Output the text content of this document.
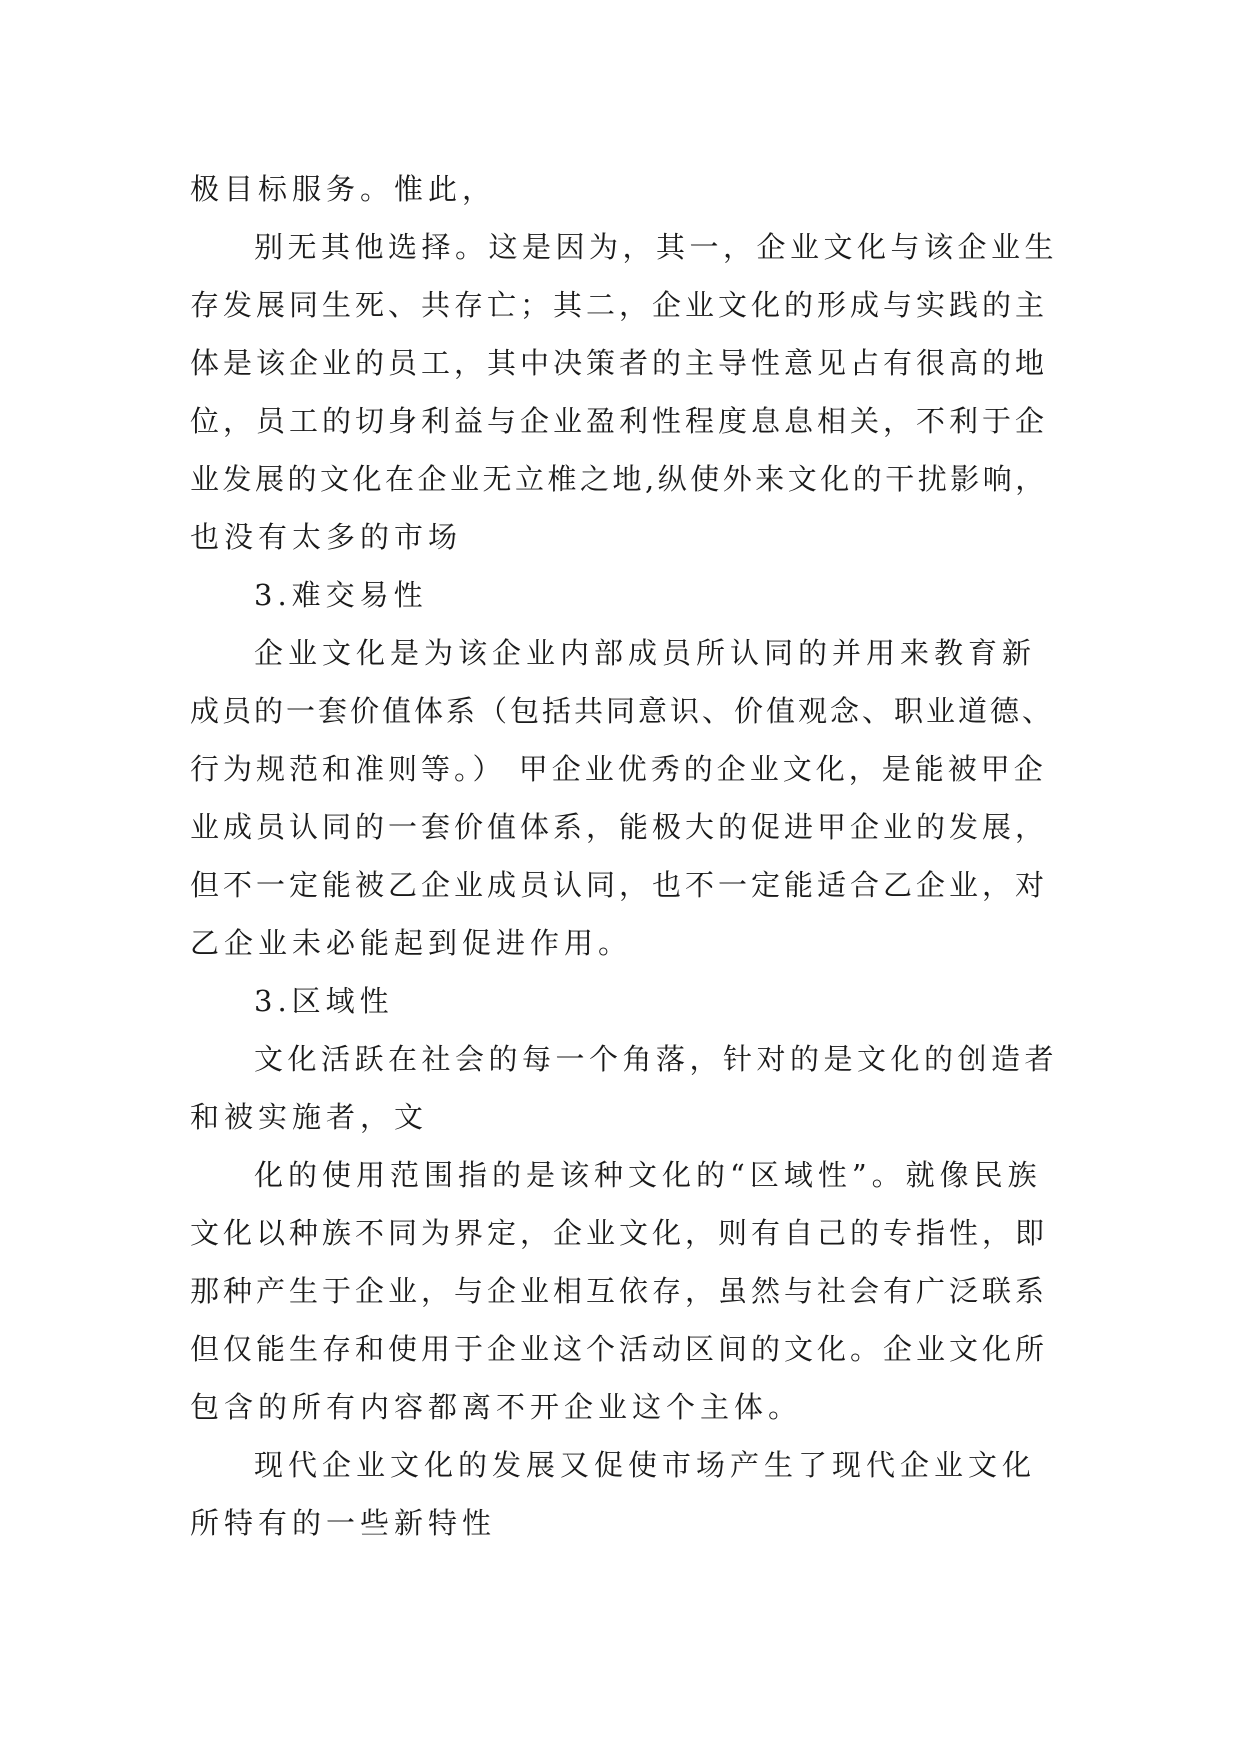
极目标服务。惟此，
别无其他选择。这是因为，其一，企业文化与该企业生
存发展同生死、共存亡；其二，企业文化的形成与实践的主
体是该企业的员工，其中决策者的主导性意见占有很高的地
位，员工的切身利益与企业盈利性程度息息相关，不利于企
业发展的文化在企业无立椎之地,纵使外来文化的干扰影响，
也没有太多的市场
3.难交易性
企业文化是为该企业内部成员所认同的并用来教育新
成员的一套价值体系（包括共同意识、价值观念、职业道德、
行为规范和准则等。） 甲企业优秀的企业文化，是能被甲企
业成员认同的一套价值体系，能极大的促进甲企业的发展，
但不一定能被乙企业成员认同，也不一定能适合乙企业，对
乙企业未必能起到促进作用。
3.区域性
文化活跃在社会的每一个角落，针对的是文化的创造者
和被实施者，文
化的使用范围指的是该种文化的“区域性”。就像民族
文化以种族不同为界定，企业文化，则有自己的专指性，即
那种产生于企业，与企业相互依存，虽然与社会有广泛联系
但仅能生存和使用于企业这个活动区间的文化。企业文化所
包含的所有内容都离不开企业这个主体。
现代企业文化的发展又促使市场产生了现代企业文化
所特有的一些新特性
